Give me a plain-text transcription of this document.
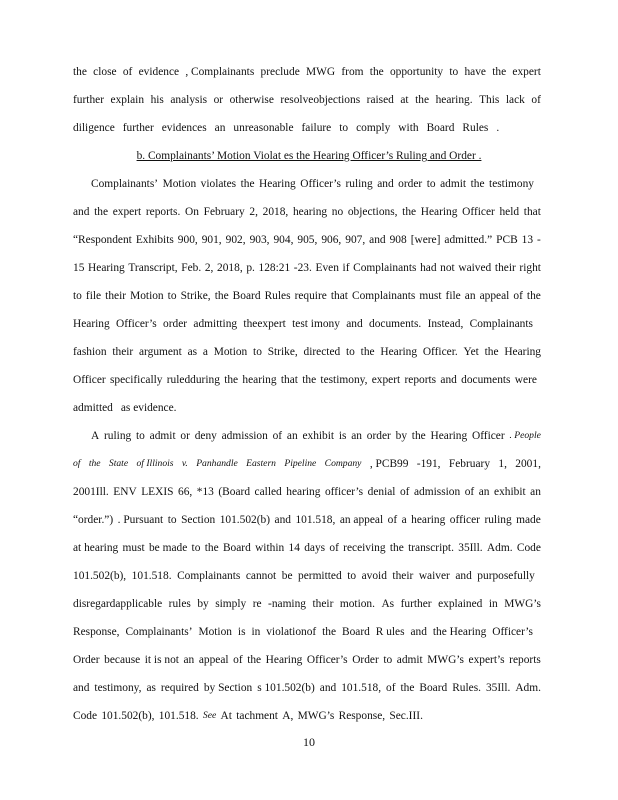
the close of evidence , Complainants preclude MWG from the opportunity to have the expert
further explain his analysis or otherwise resolveobjections raised at the hearing. This lack of
diligence further evidences an unreasonable failure to comply with Board Rules .
b. Complainants’ Motion Violat es the Hearing Officer’s Ruling and Order .
Complainants’ Motion violates the Hearing Officer’s ruling and order to admit the testimony
and the expert reports. On February 2, 2018, hearing no objections, the Hearing Officer held that
“Respondent Exhibits 900, 901, 902, 903, 904, 905, 906, 907, and 908 [were] admitted.” PCB 13 -
15 Hearing Transcript, Feb. 2, 2018, p. 128:21 -23. Even if Complainants had not waived their right
to file their Motion to Strike, the Board Rules require that Complainants must file an appeal of the
Hearing Officer’s order admitting theexpert test imony and documents. Instead, Complainants
fashion their argument as a Motion to Strike, directed to the Hearing Officer. Yet the Hearing
Officer specifically ruledduring the hearing that the testimony, expert reports and documents were
admitted as evidence.
A ruling to admit or deny admission of an exhibit is an order by the Hearing Officer . People
of the State of Illinois v. Panhandle Eastern Pipeline Company , PCB99 -191, February 1, 2001,
2001Ill. ENV LEXIS 66, *13 (Board called hearing officer’s denial of admission of an exhibit an
“order.”) . Pursuant to Section 101.502(b) and 101.518, an appeal of a hearing officer ruling made
at hearing must be made to the Board within 14 days of receiving the transcript. 35Ill. Adm. Code
101.502(b), 101.518. Complainants cannot be permitted to avoid their waiver and purposefully
disregardapplicable rules by simply re -naming their motion. As further explained in MWG’s
Response, Complainants’ Motion is in violationof the Board R ules and the Hearing Officer’s
Order because it is not an appeal of the Hearing Officer’s Order to admit MWG’s expert’s reports
and testimony, as required by Section s 101.502(b) and 101.518, of the Board Rules. 35Ill. Adm.
Code 101.502(b), 101.518. See At tachment A, MWG’s Response, Sec.III.
10
